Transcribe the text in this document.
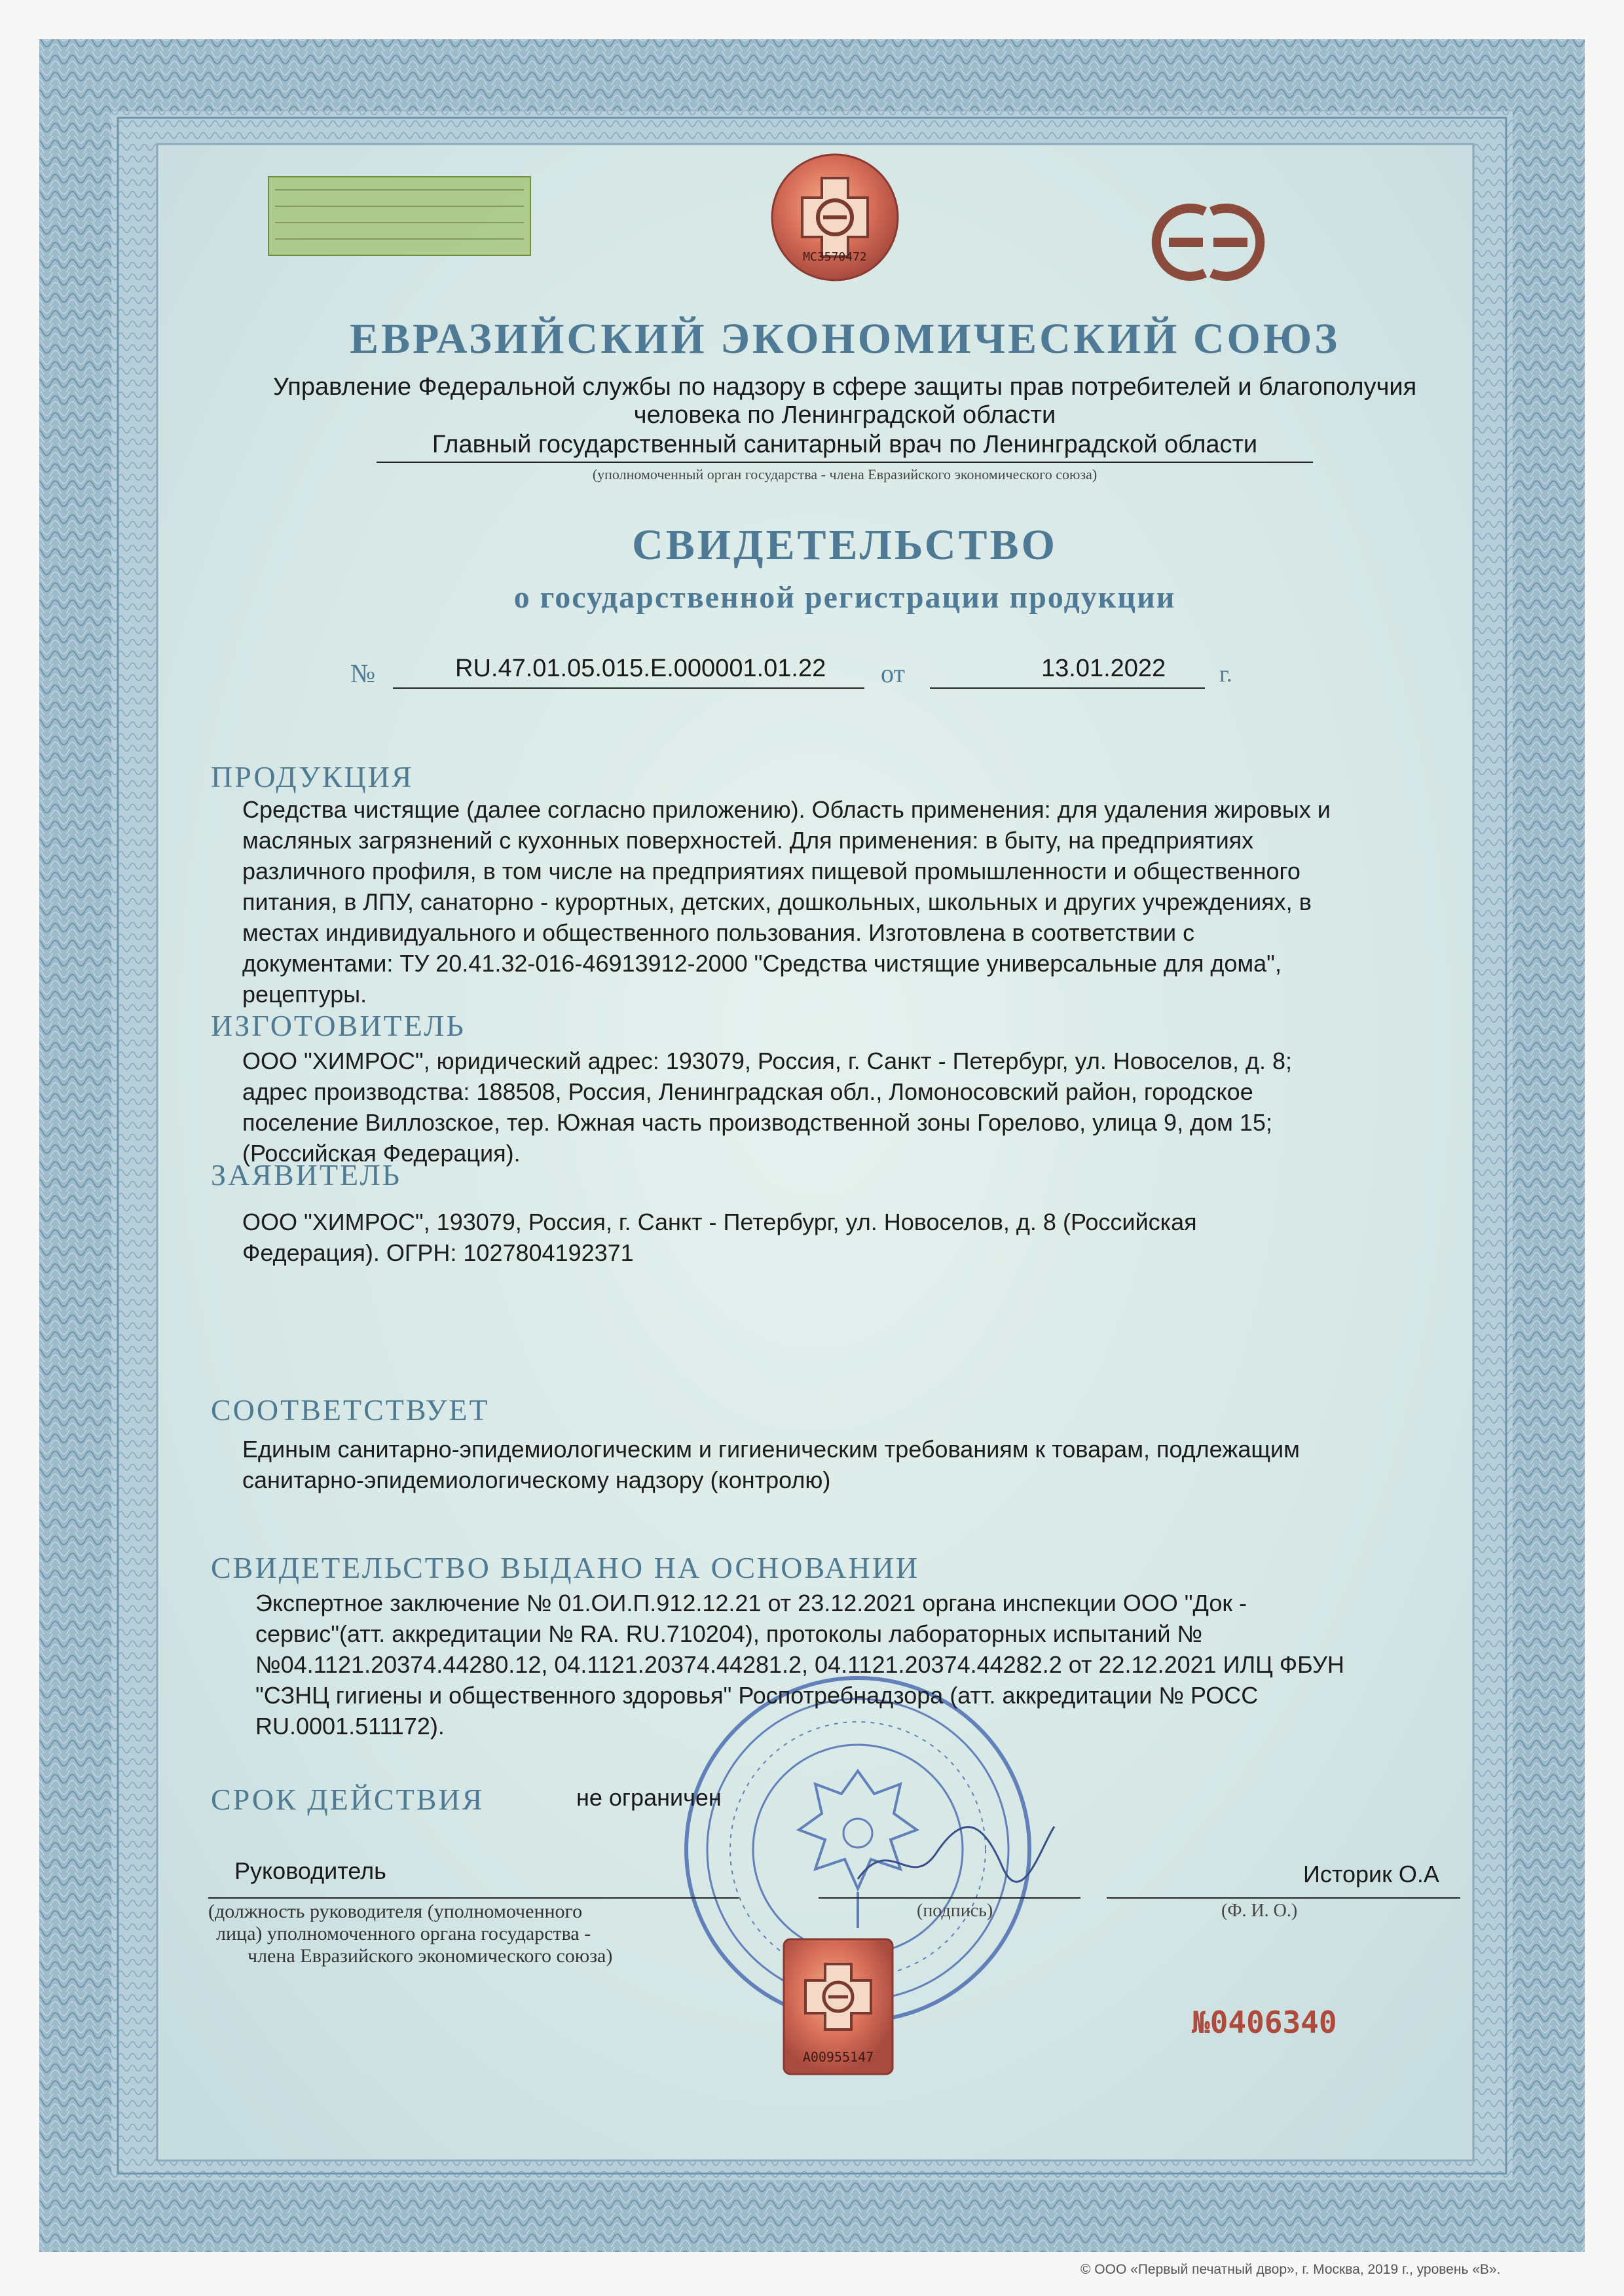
MC3570472
ЕВРАЗИЙСКИЙ ЭКОНОМИЧЕСКИЙ СОЮЗ
Управление Федеральной службы по надзору в сфере защиты прав потребителей и благополучия
человека по Ленинградской области
Главный государственный санитарный врач по Ленинградской области
(уполномоченный орган государства - члена Евразийского экономического союза)
СВИДЕТЕЛЬСТВО
о государственной регистрации продукции
№	RU.47.01.05.015.Е.000001.01.22 от	13.01.2022 г.
ПРОДУКЦИЯ
Средства чистящие (далее согласно приложению). Область применения: для удаления жировых и
масляных загрязнений с кухонных поверхностей. Для применения: в быту, на предприятиях
различного профиля, в том числе на предприятиях пищевой промышленности и общественного
питания, в ЛПУ, санаторно - курортных, детских, дошкольных, школьных и других учреждениях, в
местах индивидуального и общественного пользования. Изготовлена в соответствии с
документами: ТУ 20.41.32-016-46913912-2000 "Средства чистящие универсальные для дома",
рецептуры.
ИЗГОТОВИТЕЛЬ
ООО "ХИМРОС", юридический адрес: 193079, Россия, г. Санкт - Петербург, ул. Новоселов, д. 8;
адрес производства: 188508, Россия, Ленинградская обл., Ломоносовский район, городское
поселение Виллозское, тер. Южная часть производственной зоны Горелово, улица 9, дом 15;
(Российская Федерация).
ЗАЯВИТЕЛЬ
ООО "ХИМРОС", 193079, Россия, г. Санкт - Петербург, ул. Новоселов, д. 8 (Российская
Федерация). ОГРН: 1027804192371
СООТВЕТСТВУЕТ
Единым санитарно-эпидемиологическим и гигиеническим требованиям к товарам, подлежащим
санитарно-эпидемиологическому надзору (контролю)
СВИДЕТЕЛЬСТВО ВЫДАНО НА ОСНОВАНИИ
Экспертное заключение № 01.ОИ.П.912.12.21 от 23.12.2021 органа инспекции ООО "Док -
сервис"(атт. аккредитации № RA. RU.710204), протоколы лабораторных испытаний №
№04.1121.20374.44280.12, 04.1121.20374.44281.2, 04.1121.20374.44282.2 от 22.12.2021 ИЛЦ ФБУН
"СЗНЦ гигиены и общественного здоровья" Роспотребнадзора (атт. аккредитации № РОСС
RU.0001.511172).
СРОК ДЕЙСТВИЯ	не ограничен
Руководитель	Историк О.А
(должность руководителя (уполномоченного
лица) уполномоченного органа государства -
члена Евразийского экономического союза)
(подпись)	(Ф. И. О.)
A00955147
№0406340
© ООО «Первый печатный двор», г. Москва, 2019 г., уровень «В».
